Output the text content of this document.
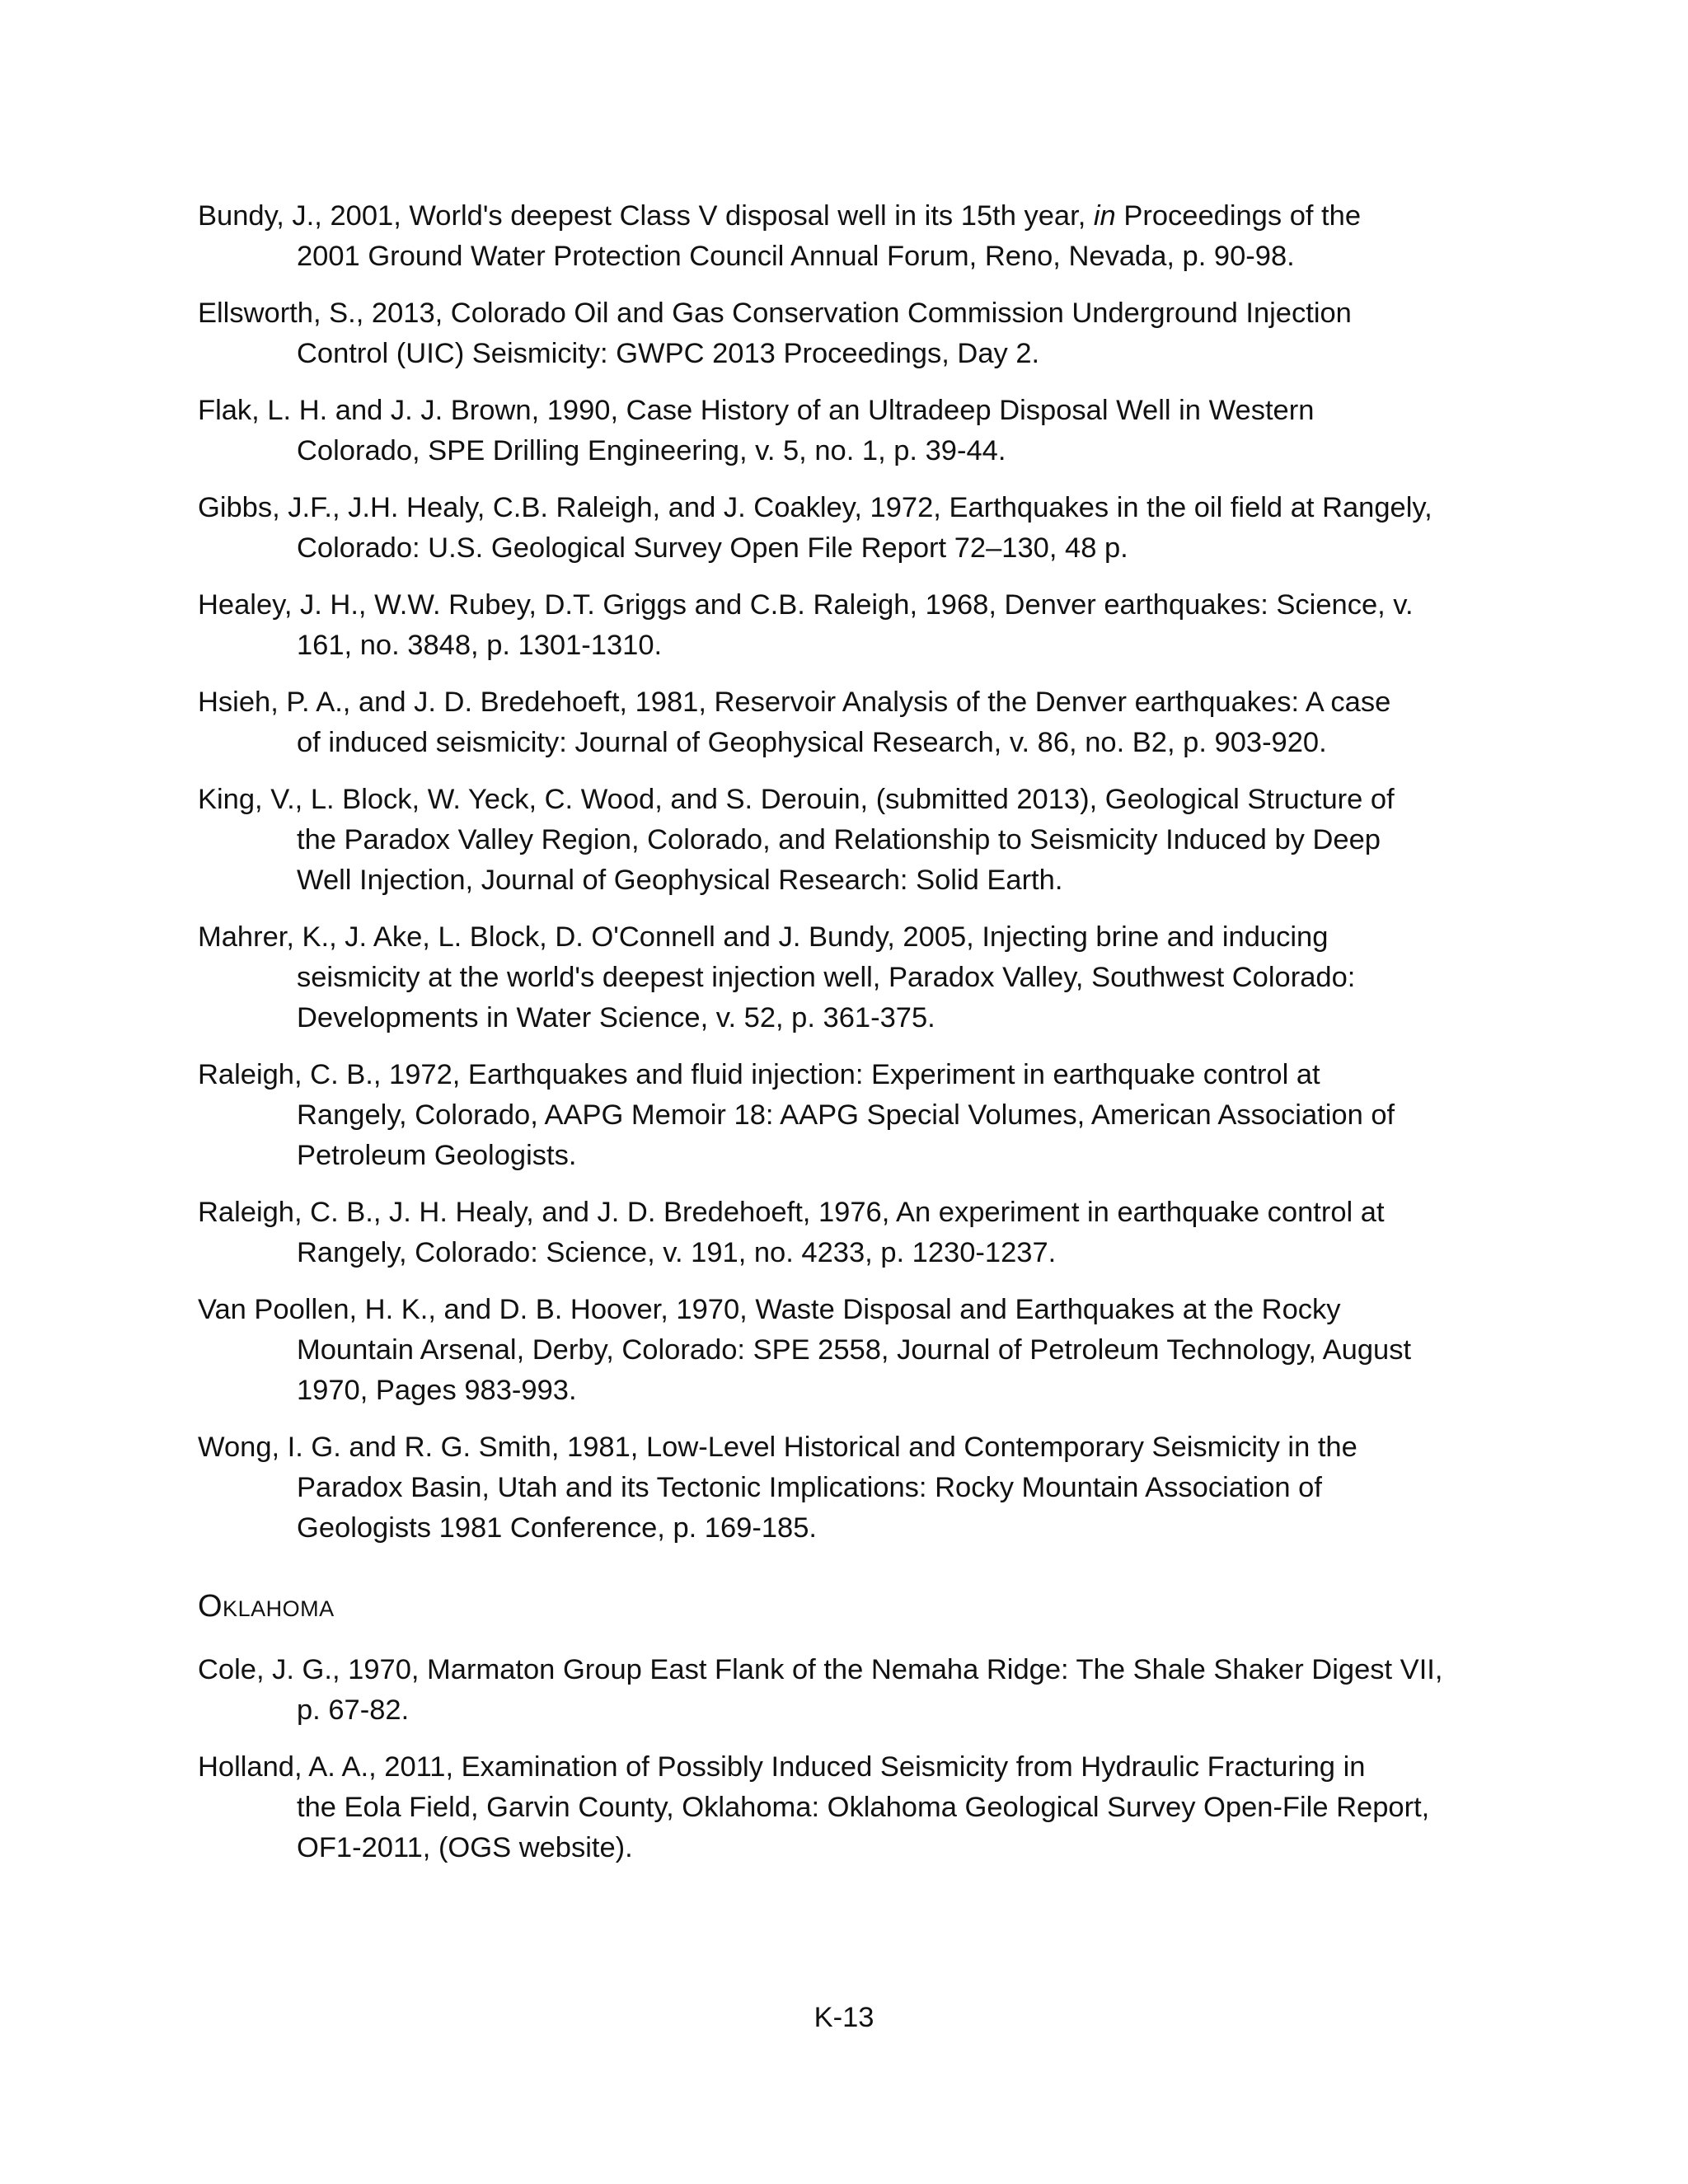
Bundy, J., 2001, World's deepest Class V disposal well in its 15th year, in Proceedings of the
2001 Ground Water Protection Council Annual Forum, Reno, Nevada, p. 90-98.

Ellsworth, S., 2013, Colorado Oil and Gas Conservation Commission Underground Injection
Control (UIC) Seismicity: GWPC 2013 Proceedings, Day 2.

Flak, L. H. and J. J. Brown, 1990, Case History of an Ultradeep Disposal Well in Western
Colorado, SPE Drilling Engineering, v. 5, no. 1, p. 39-44.

Gibbs, J.F., J.H. Healy, C.B. Raleigh, and J. Coakley, 1972, Earthquakes in the oil field at Rangely,
Colorado: U.S. Geological Survey Open File Report 72–130, 48 p.

Healey, J. H., W.W. Rubey, D.T. Griggs and C.B. Raleigh, 1968, Denver earthquakes: Science, v.
161, no. 3848, p. 1301-1310.

Hsieh, P. A., and J. D. Bredehoeft, 1981, Reservoir Analysis of the Denver earthquakes: A case
of induced seismicity: Journal of Geophysical Research, v. 86, no. B2, p. 903-920.

King, V., L. Block, W. Yeck, C. Wood, and S. Derouin, (submitted 2013), Geological Structure of
the Paradox Valley Region, Colorado, and Relationship to Seismicity Induced by Deep
Well Injection, Journal of Geophysical Research: Solid Earth.

Mahrer, K., J. Ake, L. Block, D. O'Connell and J. Bundy, 2005, Injecting brine and inducing
seismicity at the world's deepest injection well, Paradox Valley, Southwest Colorado:
Developments in Water Science, v. 52, p. 361-375.

Raleigh, C. B., 1972, Earthquakes and fluid injection: Experiment in earthquake control at
Rangely, Colorado, AAPG Memoir 18: AAPG Special Volumes, American Association of
Petroleum Geologists.

Raleigh, C. B., J. H. Healy, and J. D. Bredehoeft, 1976, An experiment in earthquake control at
Rangely, Colorado: Science, v. 191, no. 4233, p. 1230-1237.

Van Poollen, H. K., and D. B. Hoover, 1970, Waste Disposal and Earthquakes at the Rocky
Mountain Arsenal, Derby, Colorado: SPE 2558, Journal of Petroleum Technology, August
1970, Pages 983-993.

Wong, I. G. and R. G. Smith, 1981, Low-Level Historical and Contemporary Seismicity in the
Paradox Basin, Utah and its Tectonic Implications: Rocky Mountain Association of
Geologists 1981 Conference, p. 169-185.

Oklahoma

Cole, J. G., 1970, Marmaton Group East Flank of the Nemaha Ridge: The Shale Shaker Digest VII,
p. 67-82.

Holland, A. A., 2011, Examination of Possibly Induced Seismicity from Hydraulic Fracturing in
the Eola Field, Garvin County, Oklahoma: Oklahoma Geological Survey Open-File Report,
OF1-2011, (OGS website).

K-13
